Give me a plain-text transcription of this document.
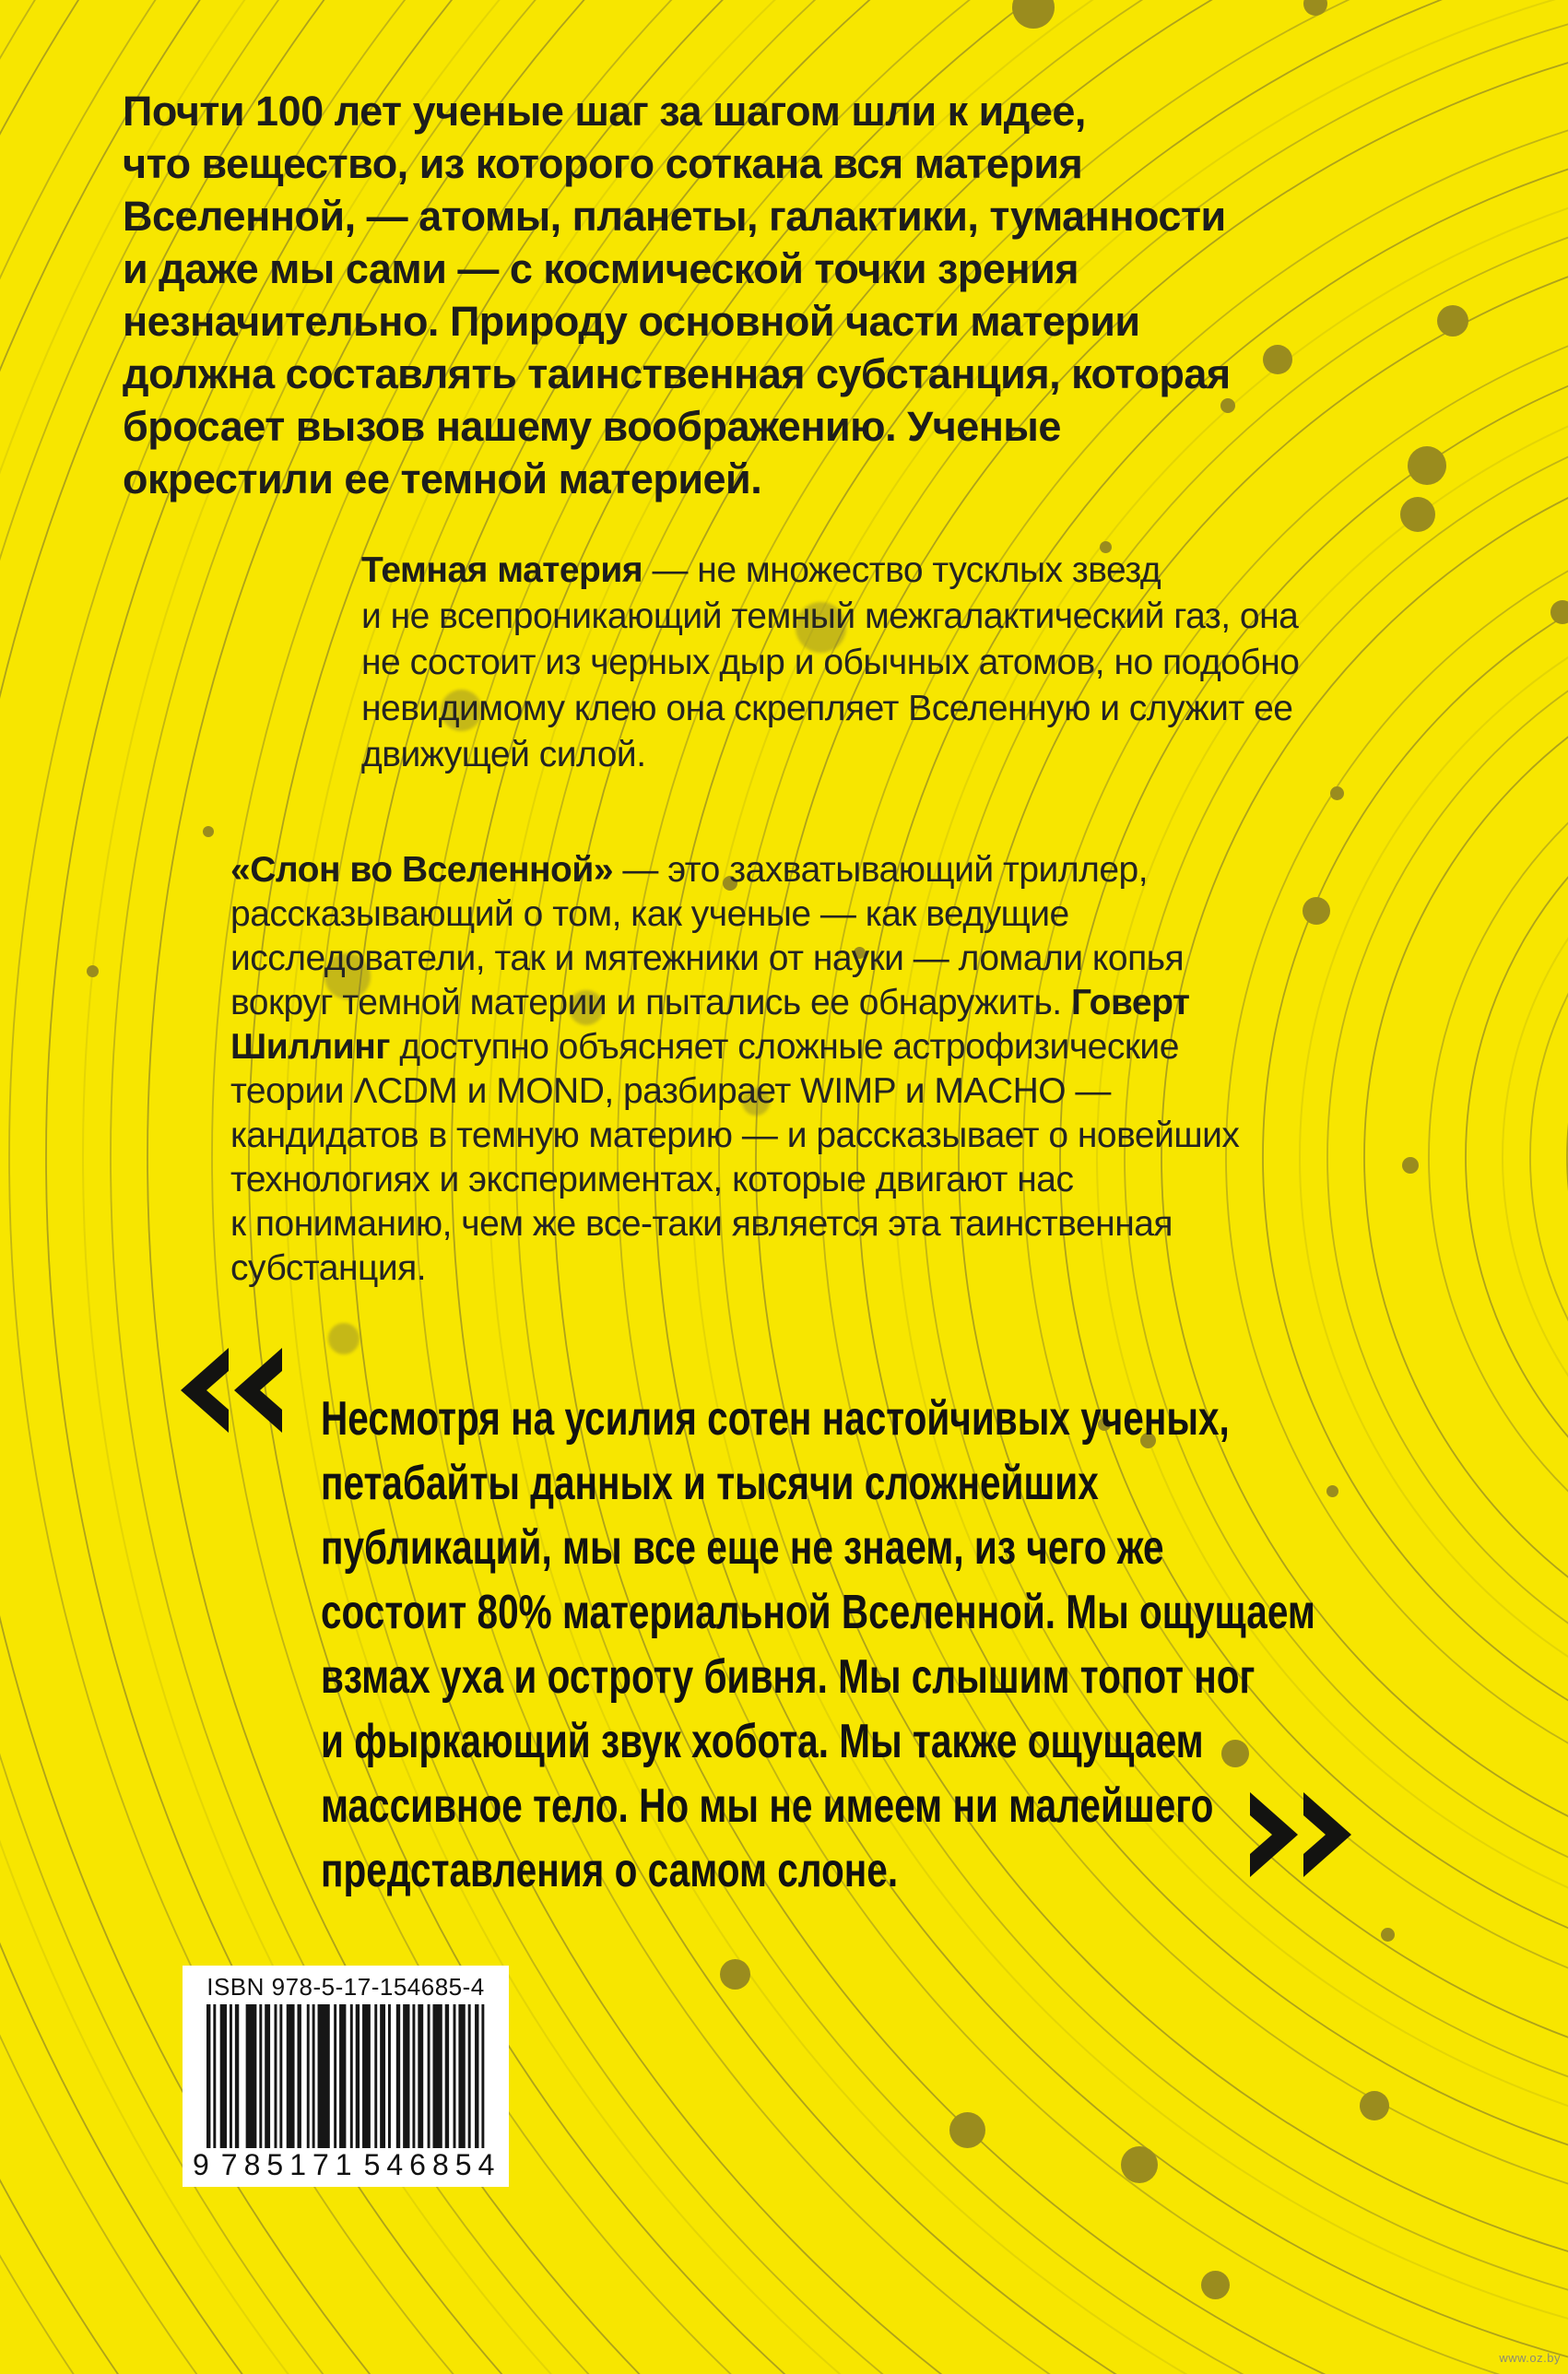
Почти 100 лет ученые шаг за шагом шли к идее,
что вещество, из которого соткана вся материя
Вселенной, — атомы, планеты, галактики, туманности
и даже мы сами — с космической точки зрения
незначительно. Природу основной части материи
должна составлять таинственная субстанция, которая
бросает вызов нашему воображению. Ученые
окрестили ее темной материей.
Темная материя — не множество тусклых звезд
и не всепроникающий темный межгалактический газ, она
не состоит из черных дыр и обычных атомов, но подобно
невидимому клею она скрепляет Вселенную и служит ее
движущей силой.
«Слон во Вселенной» — это захватывающий триллер,
рассказывающий о том, как ученые — как ведущие
исследователи, так и мятежники от науки — ломали копья
вокруг темной материи и пытались ее обнаружить. Говерт
Шиллинг доступно объясняет сложные астрофизические
теории ΛCDM и MOND, разбирает WIMP и MACHO —
кандидатов в темную материю — и рассказывает о новейших
технологиях и экспериментах, которые двигают нас
к пониманию, чем же все-таки является эта таинственная
субстанция.
Несмотря на усилия сотен настойчивых ученых,
петабайты данных и тысячи сложнейших
публикаций, мы все еще не знаем, из чего же
состоит 80% материальной Вселенной. Мы ощущаем
взмах уха и остроту бивня. Мы слышим топот ног
и фыркающий звук хобота. Мы также ощущаем
массивное тело. Но мы не имеем ни малейшего
представления о самом слоне.
ISBN 978-5-17-154685-4
9 785171 546854
www.oz.by
